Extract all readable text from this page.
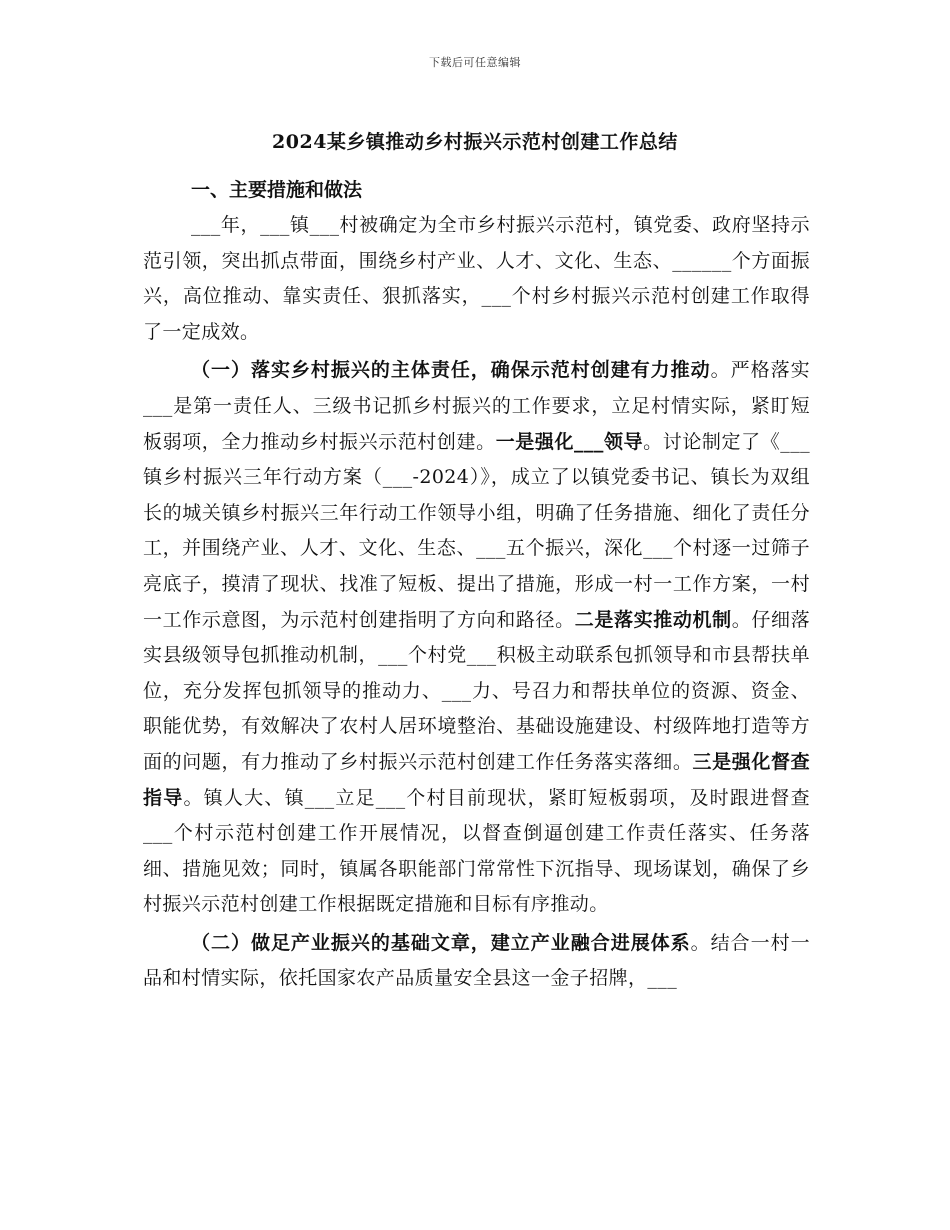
下载后可任意编辑
2024某乡镇推动乡村振兴示范村创建工作总结
一、主要措施和做法

___年，___镇___村被确定为全市乡村振兴示范村，镇党委、政府坚持示范引领，突出抓点带面，围绕乡村产业、人才、文化、生态、______个方面振兴，高位推动、靠实责任、狠抓落实，___个村乡村振兴示范村创建工作取得了一定成效。

（一）落实乡村振兴的主体责任，确保示范村创建有力推动。严格落实___是第一责任人、三级书记抓乡村振兴的工作要求，立足村情实际，紧盯短板弱项，全力推动乡村振兴示范村创建。一是强化___领导。讨论制定了《___镇乡村振兴三年行动方案（___-2024）》，成立了以镇党委书记、镇长为双组长的城关镇乡村振兴三年行动工作领导小组，明确了任务措施、细化了责任分工，并围绕产业、人才、文化、生态、___五个振兴，深化___个村逐一过筛子亮底子，摸清了现状、找准了短板、提出了措施，形成一村一工作方案，一村一工作示意图，为示范村创建指明了方向和路径。二是落实推动机制。仔细落实县级领导包抓推动机制，___个村党___积极主动联系包抓领导和市县帮扶单位，充分发挥包抓领导的推动力、___力、号召力和帮扶单位的资源、资金、职能优势，有效解决了农村人居环境整治、基础设施建设、村级阵地打造等方面的问题，有力推动了乡村振兴示范村创建工作任务落实落细。三是强化督查指导。镇人大、镇___立足___个村目前现状，紧盯短板弱项，及时跟进督查___个村示范村创建工作开展情况，以督查倒逼创建工作责任落实、任务落细、措施见效；同时，镇属各职能部门常常性下沉指导、现场谋划，确保了乡村振兴示范村创建工作根据既定措施和目标有序推动。

（二）做足产业振兴的基础文章，建立产业融合进展体系。结合一村一品和村情实际，依托国家农产品质量安全县这一金子招牌，___
